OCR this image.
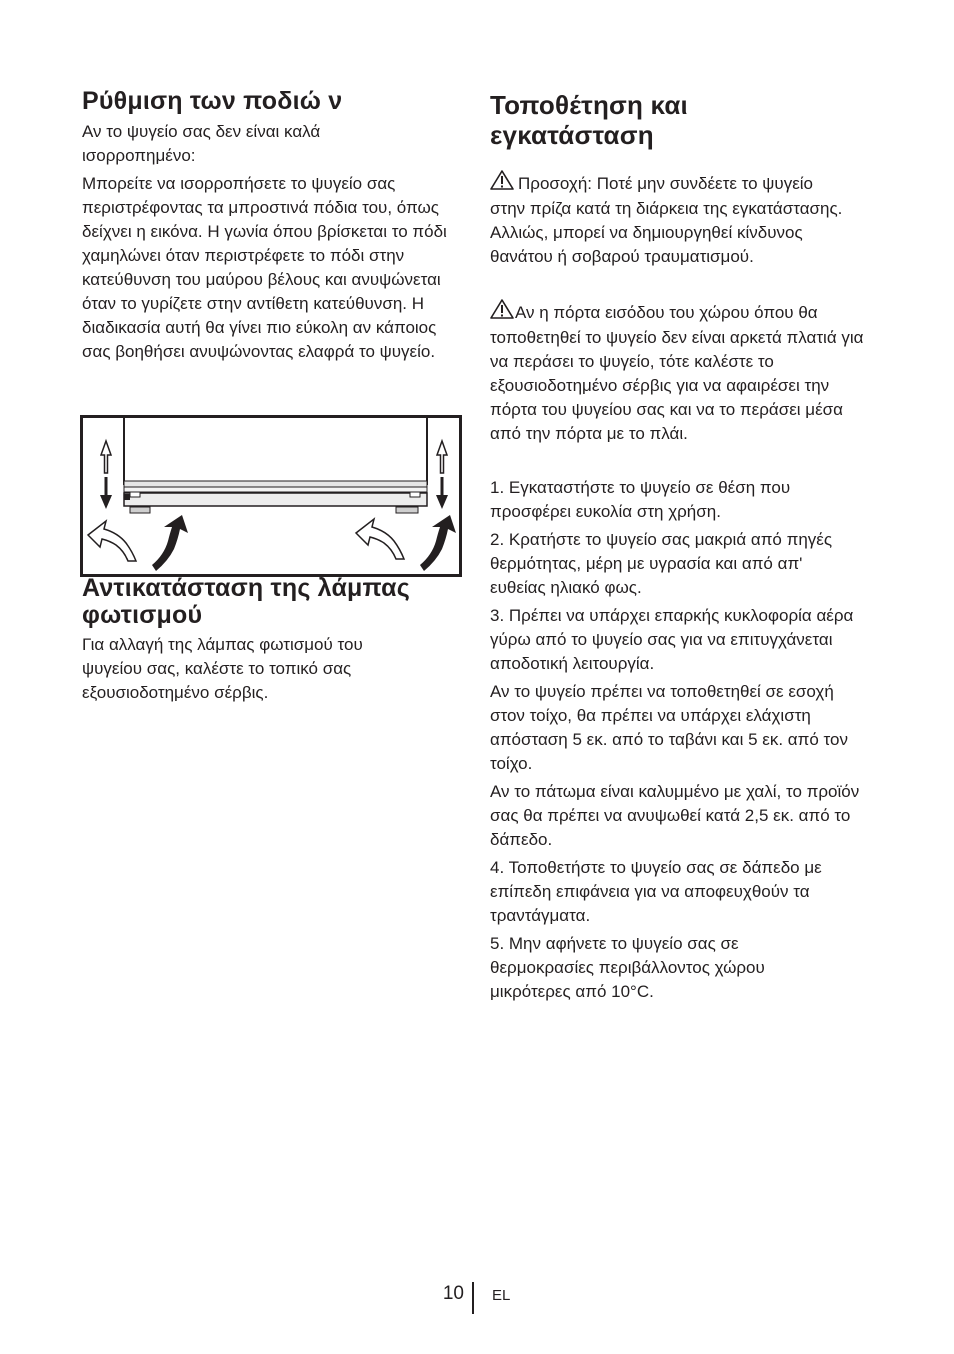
Ρύθμιση των ποδιώ ν

Αν το ψυγείο σας δεν είναι καλά ισορροπημένο:

Μπορείτε να ισορροπήσετε το ψυγείο σας περιστρέφοντας τα μπροστινά πόδια του, όπως δείχνει η εικόνα. Η γωνία όπου βρίσκεται το πόδι χαμηλώνει όταν περιστρέφετε το πόδι στην κατεύθυνση του μαύρου βέλους και ανυψώνεται όταν το γυρίζετε στην αντίθετη κατεύθυνση. Η διαδικασία αυτή θα γίνει πιο εύκολη αν κάποιος σας βοηθήσει ανυψώνοντας ελαφρά το ψυγείο.

Αντικατάσταση της λάμπας φωτισμού

Για αλλαγή της λάμπας φωτισμού του ψυγείου σας, καλέστε το τοπικό σας εξουσιοδοτημένο σέρβις.

Τοποθέτηση και εγκατάσταση

Προσοχή: Ποτέ μην συνδέετε το ψυγείο στην πρίζα κατά τη διάρκεια της εγκατάστασης. Αλλιώς, μπορεί να δημιουργηθεί κίνδυνος θανάτου ή σοβαρού τραυματισμού.

Αν η πόρτα εισόδου του χώρου όπου θα τοποθετηθεί το ψυγείο δεν είναι αρκετά πλατιά για να περάσει το ψυγείο, τότε καλέστε το εξουσιοδοτημένο σέρβις για να αφαιρέσει την πόρτα του ψυγείου σας και να το περάσει μέσα από την πόρτα με το πλάι.

1. Εγκαταστήστε το ψυγείο σε θέση που προσφέρει ευκολία στη χρήση.

2. Κρατήστε το ψυγείο σας μακριά από πηγές θερμότητας, μέρη με υγρασία και από απ' ευθείας ηλιακό φως.

3. Πρέπει να υπάρχει επαρκής κυκλοφορία αέρα γύρω από το ψυγείο σας για να επιτυγχάνεται αποδοτική λειτουργία.

Αν το ψυγείο πρέπει να τοποθετηθεί σε εσοχή στον τοίχο, θα πρέπει να υπάρχει ελάχιστη απόσταση 5 εκ. από το ταβάνι και 5 εκ. από τον τοίχο.

Αν το πάτωμα είναι καλυμμένο με χαλί, το προϊόν σας θα πρέπει να ανυψωθεί κατά 2,5 εκ. από το δάπεδο.

4. Τοποθετήστε το ψυγείο σας σε δάπεδο με επίπεδη επιφάνεια για να αποφευχθούν τα τραντάγματα.

5. Μην αφήνετε το ψυγείο σας σε θερμοκρασίες περιβάλλοντος χώρου μικρότερες από 10°C.

10 EL
